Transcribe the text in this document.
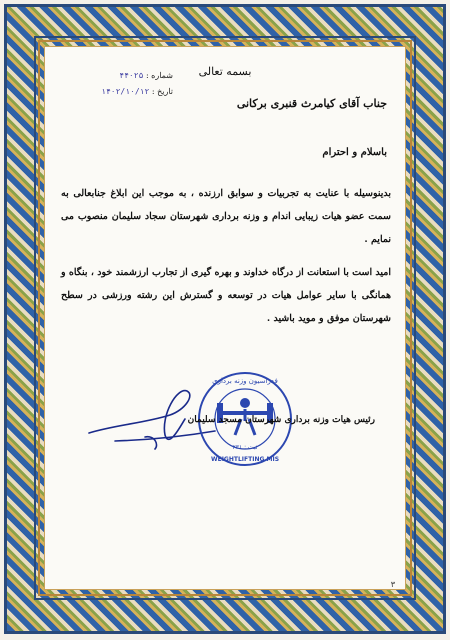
بسمه تعالی
شماره : ۴۴۰۲۵
تاریخ : ۱۴۰۲/۱۰/۱۲
جناب آقای کیامرث قنبری برکانی
باسلام و احترام

بدینوسیله با عنایت به تجربیات و سوابق ارزنده ، به موجب این ابلاغ جنابعالی به سمت عضو هیات زیبایی اندام و وزنه برداری شهرستان سجاد سلیمان منصوب می نمایم .

امید است با استعانت از درگاه خداوند و بهره گیری از تجارب ارزشمند خود ، بنگاه و همانگی با سایر عوامل هیات در توسعه و گسترش این رشته ورزشی در سطح شهرستان موفق و موید باشید .

فدراسیون وزنه برداری
WEIGHTLIFTING MIS
ثبت : ۲۳۱
رئیس هیات وزنه برداری شهرستان مسجد سلیمان
۳
